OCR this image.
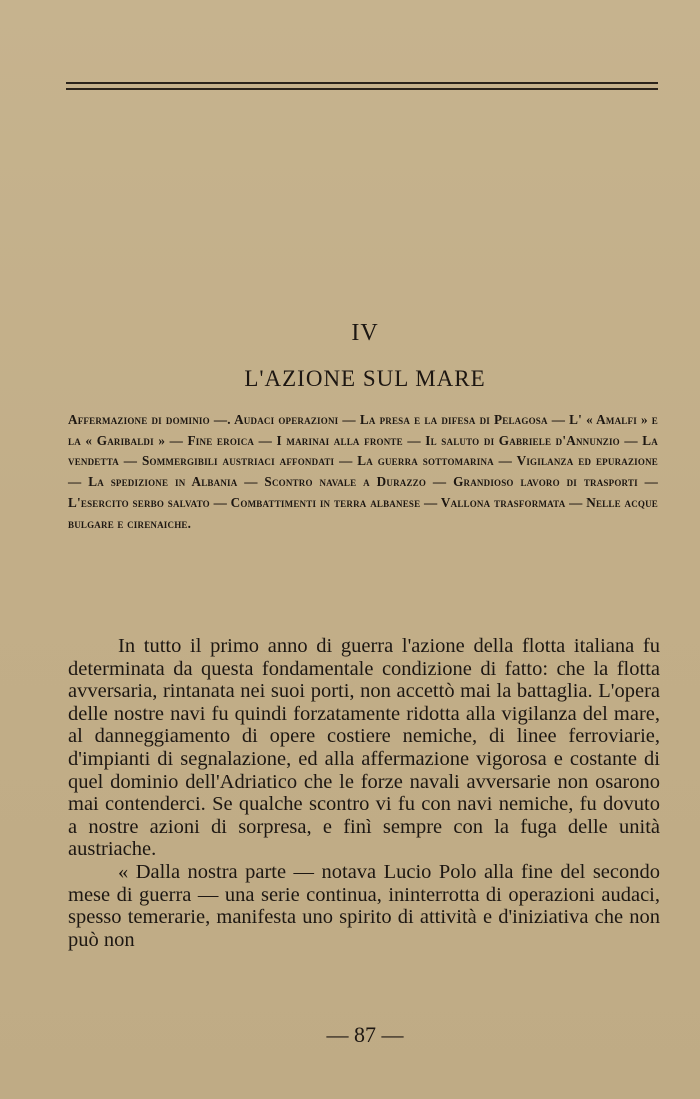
IV
L'AZIONE SUL MARE
Affermazione di dominio —. Audaci operazioni — La presa e la difesa di Pelagosa — L' « Amalfi » e la « Garibaldi » — Fine eroica — I marinai alla fronte — Il saluto di Gabriele d'Annunzio — La vendetta — Sommergibili austriaci affondati — La guerra sottomarina — Vigilanza ed epurazione — La spedizione in Albania — Scontro navale a Durazzo — Grandioso lavoro di trasporti — L'esercito serbo salvato — Combattimenti in terra albanese — Vallona trasformata — Nelle acque bulgare e cirenaiche.

In tutto il primo anno di guerra l'azione della flotta italiana fu determinata da questa fondamentale condizione di fatto: che la flotta avversaria, rintanata nei suoi porti, non accettò mai la battaglia. L'opera delle nostre navi fu quindi forzatamente ridotta alla vigilanza del mare, al danneggiamento di opere costiere nemiche, di linee ferroviarie, d'impianti di segnalazione, ed alla affermazione vigorosa e costante di quel dominio dell'Adriatico che le forze navali avversarie non osarono mai contenderci. Se qualche scontro vi fu con navi nemiche, fu dovuto a nostre azioni di sorpresa, e finì sempre con la fuga delle unità austriache.

« Dalla nostra parte — notava Lucio Polo alla fine del secondo mese di guerra — una serie continua, ininterrotta di operazioni audaci, spesso temerarie, manifesta uno spirito di attività e d'iniziativa che non può non

— 87 —
